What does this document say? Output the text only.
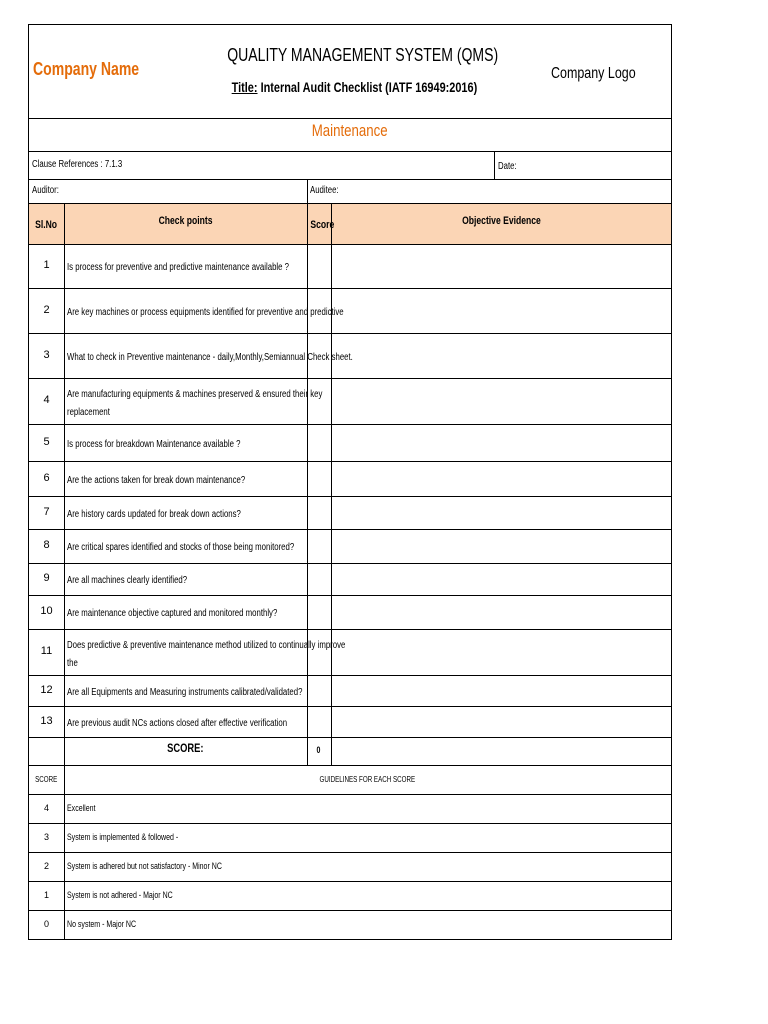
Company Name
QUALITY MANAGEMENT SYSTEM (QMS)
Title: Internal Audit Checklist (IATF 16949:2016)
Company Logo
Maintenance
Clause References : 7.1.3	Date:
Auditor:	Auditee:
Sl.No	Check points	Score	Objective Evidence
1	Is process for preventive and predictive maintenance available ?
2	Are key machines or process equipments identified for preventive and predictive
3	What to check in Preventive maintenance - daily,Monthly,Semiannual Check sheet.
4	Are manufacturing equipments & machines preserved & ensured their key
replacement
5	Is process for breakdown Maintenance available ?
6	Are the actions taken for break down maintenance?
7	Are history cards updated for break down actions?
8	Are critical spares identified and stocks of those being monitored?
9	Are all machines clearly identified?
10	Are maintenance objective captured and monitored monthly?
11	Does predictive & preventive maintenance method utilized to continually improve
the
12	Are all Equipments and Measuring instruments calibrated/validated?
13	Are previous audit NCs actions closed after effective verification
SCORE:	0
SCORE	GUIDELINES FOR EACH SCORE
4	Excellent
3	System is implemented & followed -
2	System is adhered but not satisfactory - Minor NC
1	System is not adhered - Major NC
0	No system - Major NC
